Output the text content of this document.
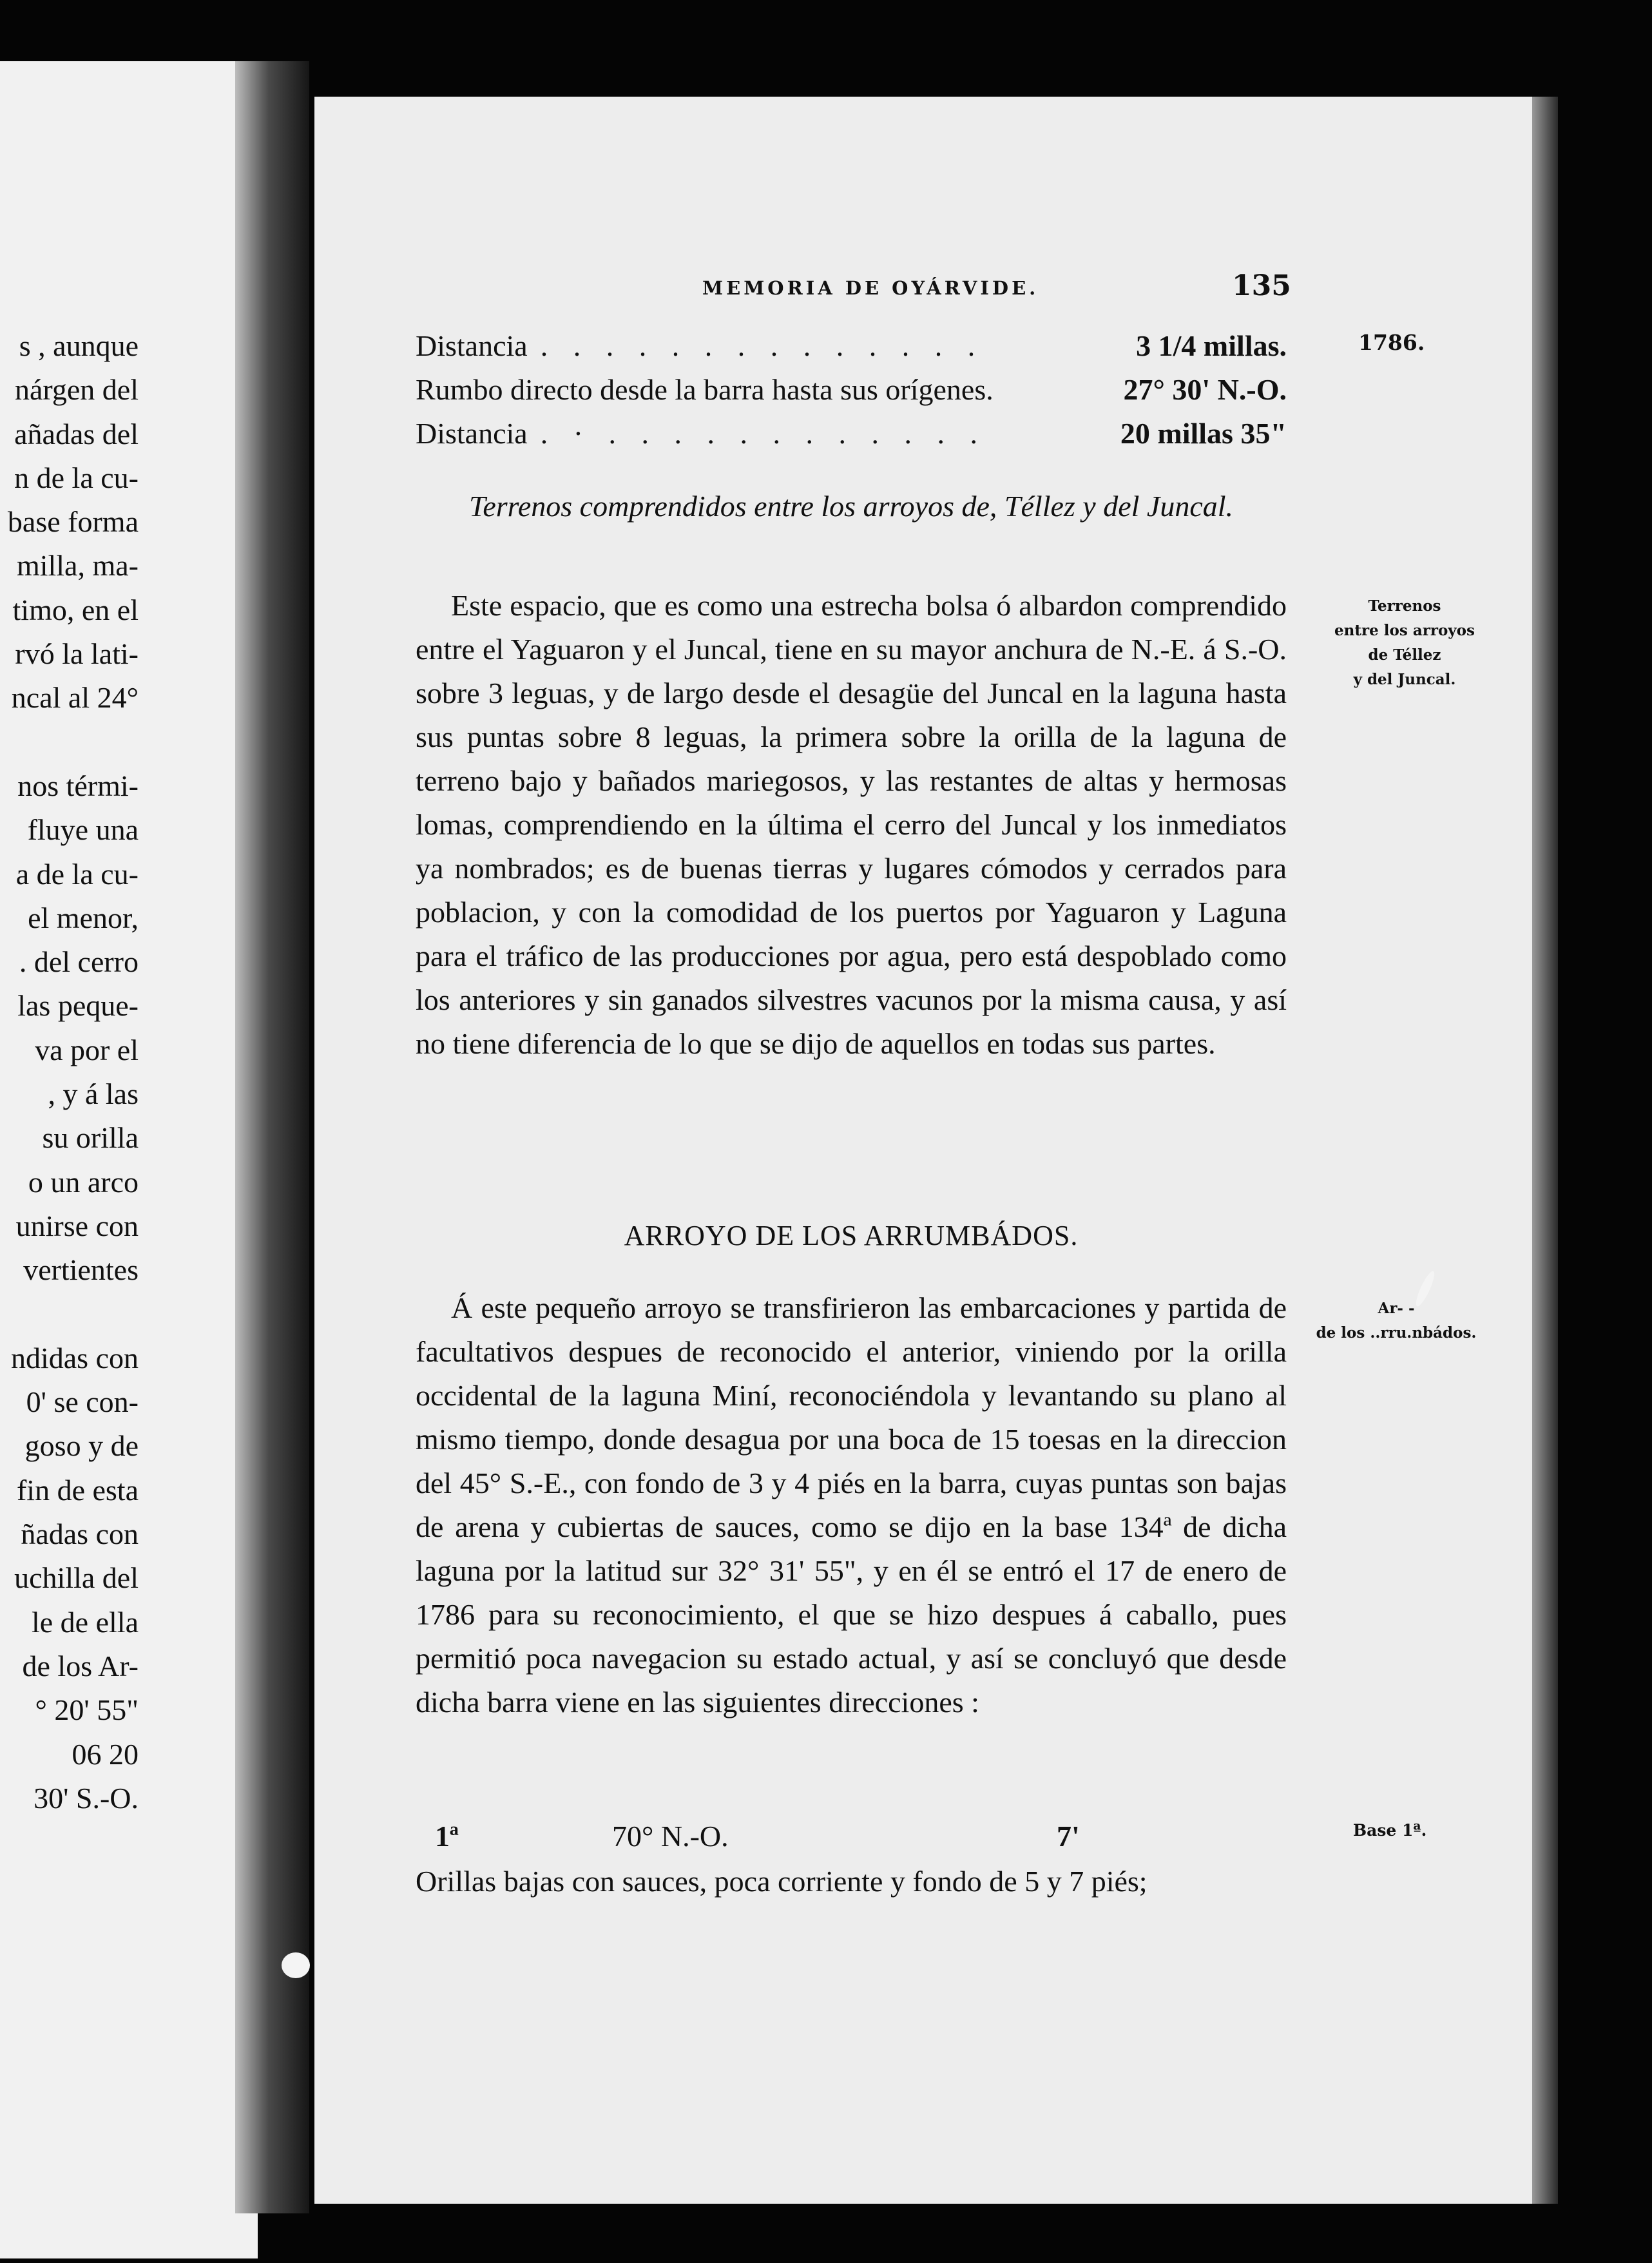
s , aunque
nárgen del
añadas del
n de la cu-
base forma
milla, ma-
timo, en el
rvó la lati-
ncal al 24°
nos térmi-
fluye una
a de la cu-
el menor,
. del cerro
las peque-
va por el
, y á las
su orilla
o un arco
unirse con
vertientes
ndidas con
0' se con-
goso y de
fin de esta
ñadas con
uchilla del
le de ella
de los Ar-
° 20' 55"
06 20
30' S.-O.
MEMORIA DE OYÁRVIDE.	135
Distancia . . . . . . . . . . . . . .	3 1/4 millas.
Rumbo directo desde la barra hasta sus orígenes.	27° 30' N.-O.
Distancia . · . . . . . . . . . . . .	20 millas 35"
Terrenos comprendidos entre los arroyos de, Téllez y del Juncal.

Este espacio, que es como una estrecha bolsa ó albardon comprendido entre el Yaguaron y el Juncal, tiene en su mayor anchura de N.-E. á S.-O. sobre 3 leguas, y de largo desde el desagüe del Juncal en la laguna hasta sus puntas sobre 8 leguas, la primera sobre la orilla de la laguna de terreno bajo y bañados mariegosos, y las restantes de altas y hermosas lomas, comprendiendo en la última el cerro del Juncal y los inmediatos ya nombrados; es de buenas tierras y lugares cómodos y cerrados para poblacion, y con la comodidad de los puertos por Yaguaron y Laguna para el tráfico de las producciones por agua, pero está despoblado como los anteriores y sin ganados silvestres vacunos por la misma causa, y así no tiene diferencia de lo que se dijo de aquellos en todas sus partes.

ARROYO DE LOS ARRUMBÁDOS.

Á este pequeño arroyo se transfirieron las embarcaciones y partida de facultativos despues de reconocido el anterior, viniendo por la orilla occidental de la laguna Miní, reconociéndola y levantando su plano al mismo tiempo, donde desagua por una boca de 15 toesas en la direccion del 45° S.-E., con fondo de 3 y 4 piés en la barra, cuyas puntas son bajas de arena y cubiertas de sauces, como se dijo en la base 134ª de dicha laguna por la latitud sur 32° 31' 55", y en él se entró el 17 de enero de 1786 para su reconocimiento, el que se hizo despues á caballo, pues permitió poca navegacion su estado actual, y así se concluyó que desde dicha barra viene en las siguientes direcciones :

1ª	70° N.-O.	7'
Orillas bajas con sauces, poca corriente y fondo de 5 y 7 piés;
1786.
Terrenos
entre los arroyos
de Téllez
y del Juncal.
Ar- -
de los ..rru.nbádos.
Base 1ª.
